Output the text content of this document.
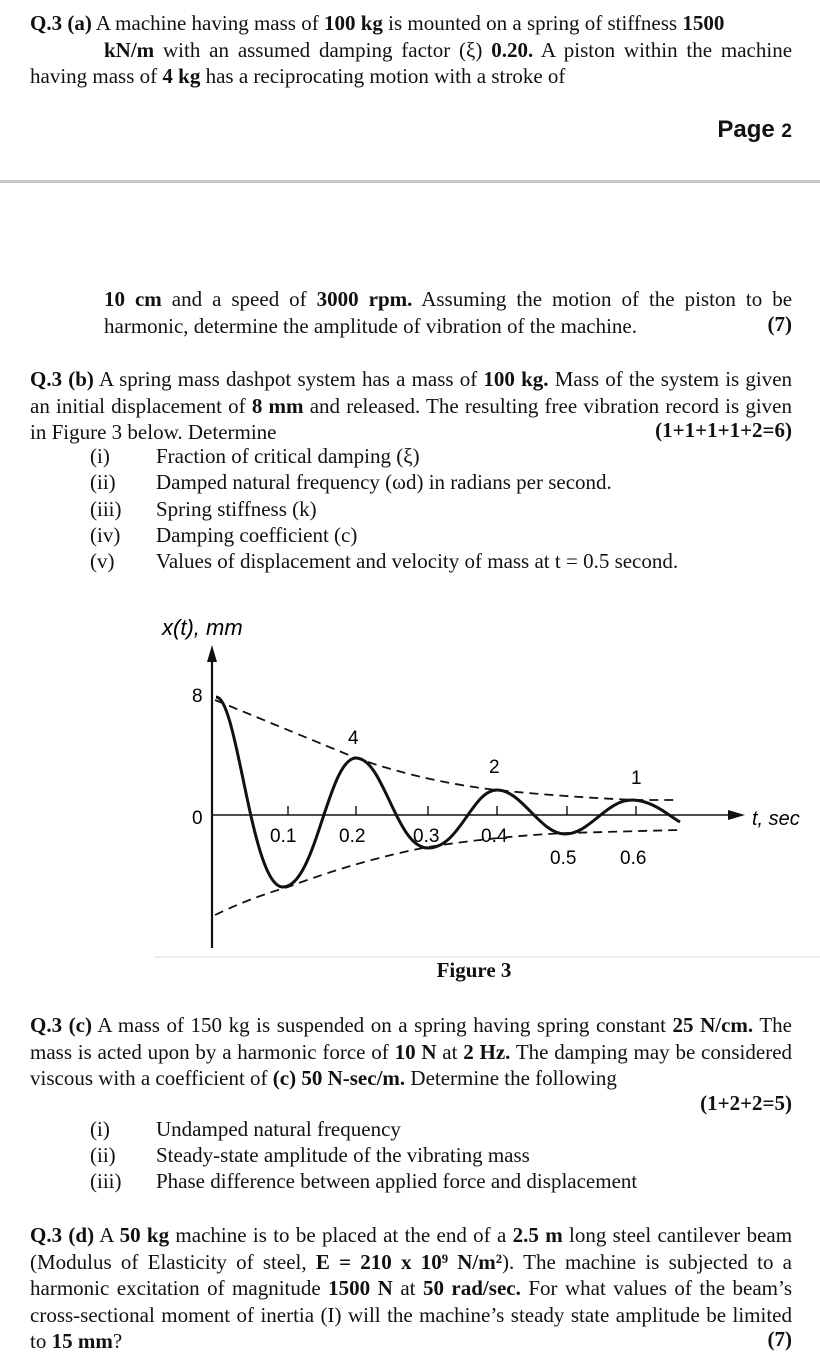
Q.3 (a) A machine having mass of 100 kg is mounted on a spring of stiffness 1500
kN/m with an assumed damping factor (ξ) 0.20. A piston within the machine having mass of 4 kg has a reciprocating motion with a stroke of
Page 2
10 cm and a speed of 3000 rpm. Assuming the motion of the piston to be harmonic, determine the amplitude of vibration of the machine.	(7)
Q.3 (b) A spring mass dashpot system has a mass of 100 kg. Mass of the system is given an initial displacement of 8 mm and released. The resulting free vibration record is given in Figure 3 below. Determine	(1+1+1+1+2=6)
(i) Fraction of critical damping (ξ)
(ii) Damped natural frequency (ωd) in radians per second.
(iii) Spring stiffness (k)
(iv) Damping coefficient (c)
(v) Values of displacement and velocity of mass at t = 0.5 second.
x(t), mm
t, sec
8
0
0.1 0.2	0.3 0.4
0.5 0.6
4
2
1
Figure 3
Q.3 (c) A mass of 150 kg is suspended on a spring having spring constant 25 N/cm. The mass is acted upon by a harmonic force of 10 N at 2 Hz. The damping may be considered viscous with a coefficient of (c) 50 N-sec/m. Determine the following
(1+2+2=5)
(i) Undamped natural frequency
(ii) Steady-state amplitude of the vibrating mass
(iii) Phase difference between applied force and displacement
Q.3 (d) A 50 kg machine is to be placed at the end of a 2.5 m long steel cantilever beam (Modulus of Elasticity of steel, E = 210 x 10⁹ N/m²). The machine is subjected to a harmonic excitation of magnitude 1500 N at 50 rad/sec. For what values of the beam’s cross-sectional moment of inertia (I) will the machine’s steady state amplitude be limited to 15 mm?	(7)
